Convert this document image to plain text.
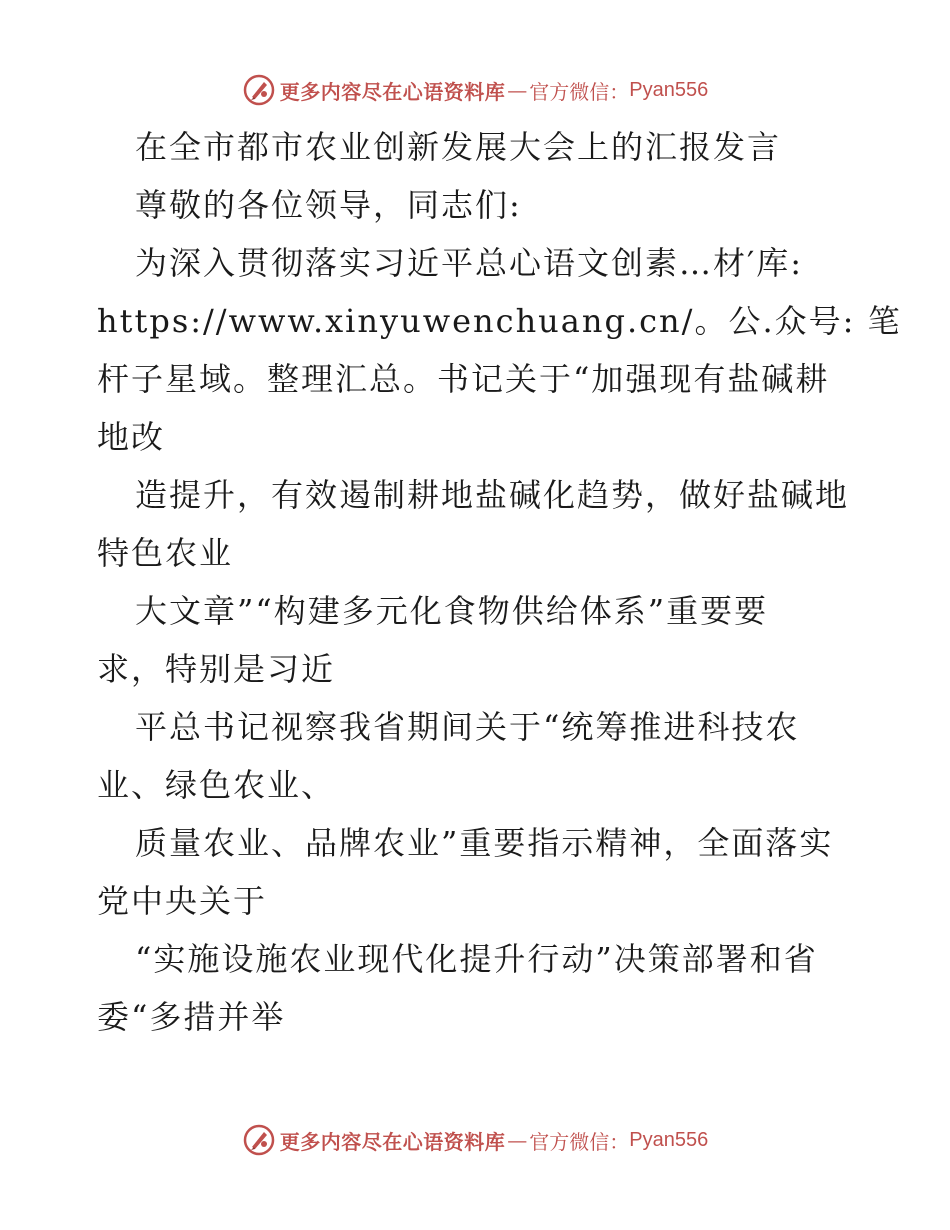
更多内容尽在心语资料库 — 官方微信： Pyan556
在全市都市农业创新发展大会上的汇报发言
尊敬的各位领导，同志们:
为深入贯彻落实习近平总心语文创素…材′库:
https://www.xinyuwenchuang.cn/。公.众号: 笔
杆子星域。整理汇总。书记关于“加强现有盐碱耕
地改
造提升，有效遏制耕地盐碱化趋势，做好盐碱地
特色农业
大文章”“构建多元化食物供给体系”重要要
求，特别是习近
平总书记视察我省期间关于“统筹推进科技农
业、绿色农业、
质量农业、品牌农业”重要指示精神，全面落实
党中央关于
“实施设施农业现代化提升行动”决策部署和省
委“多措并举
更多内容尽在心语资料库 — 官方微信： Pyan556
